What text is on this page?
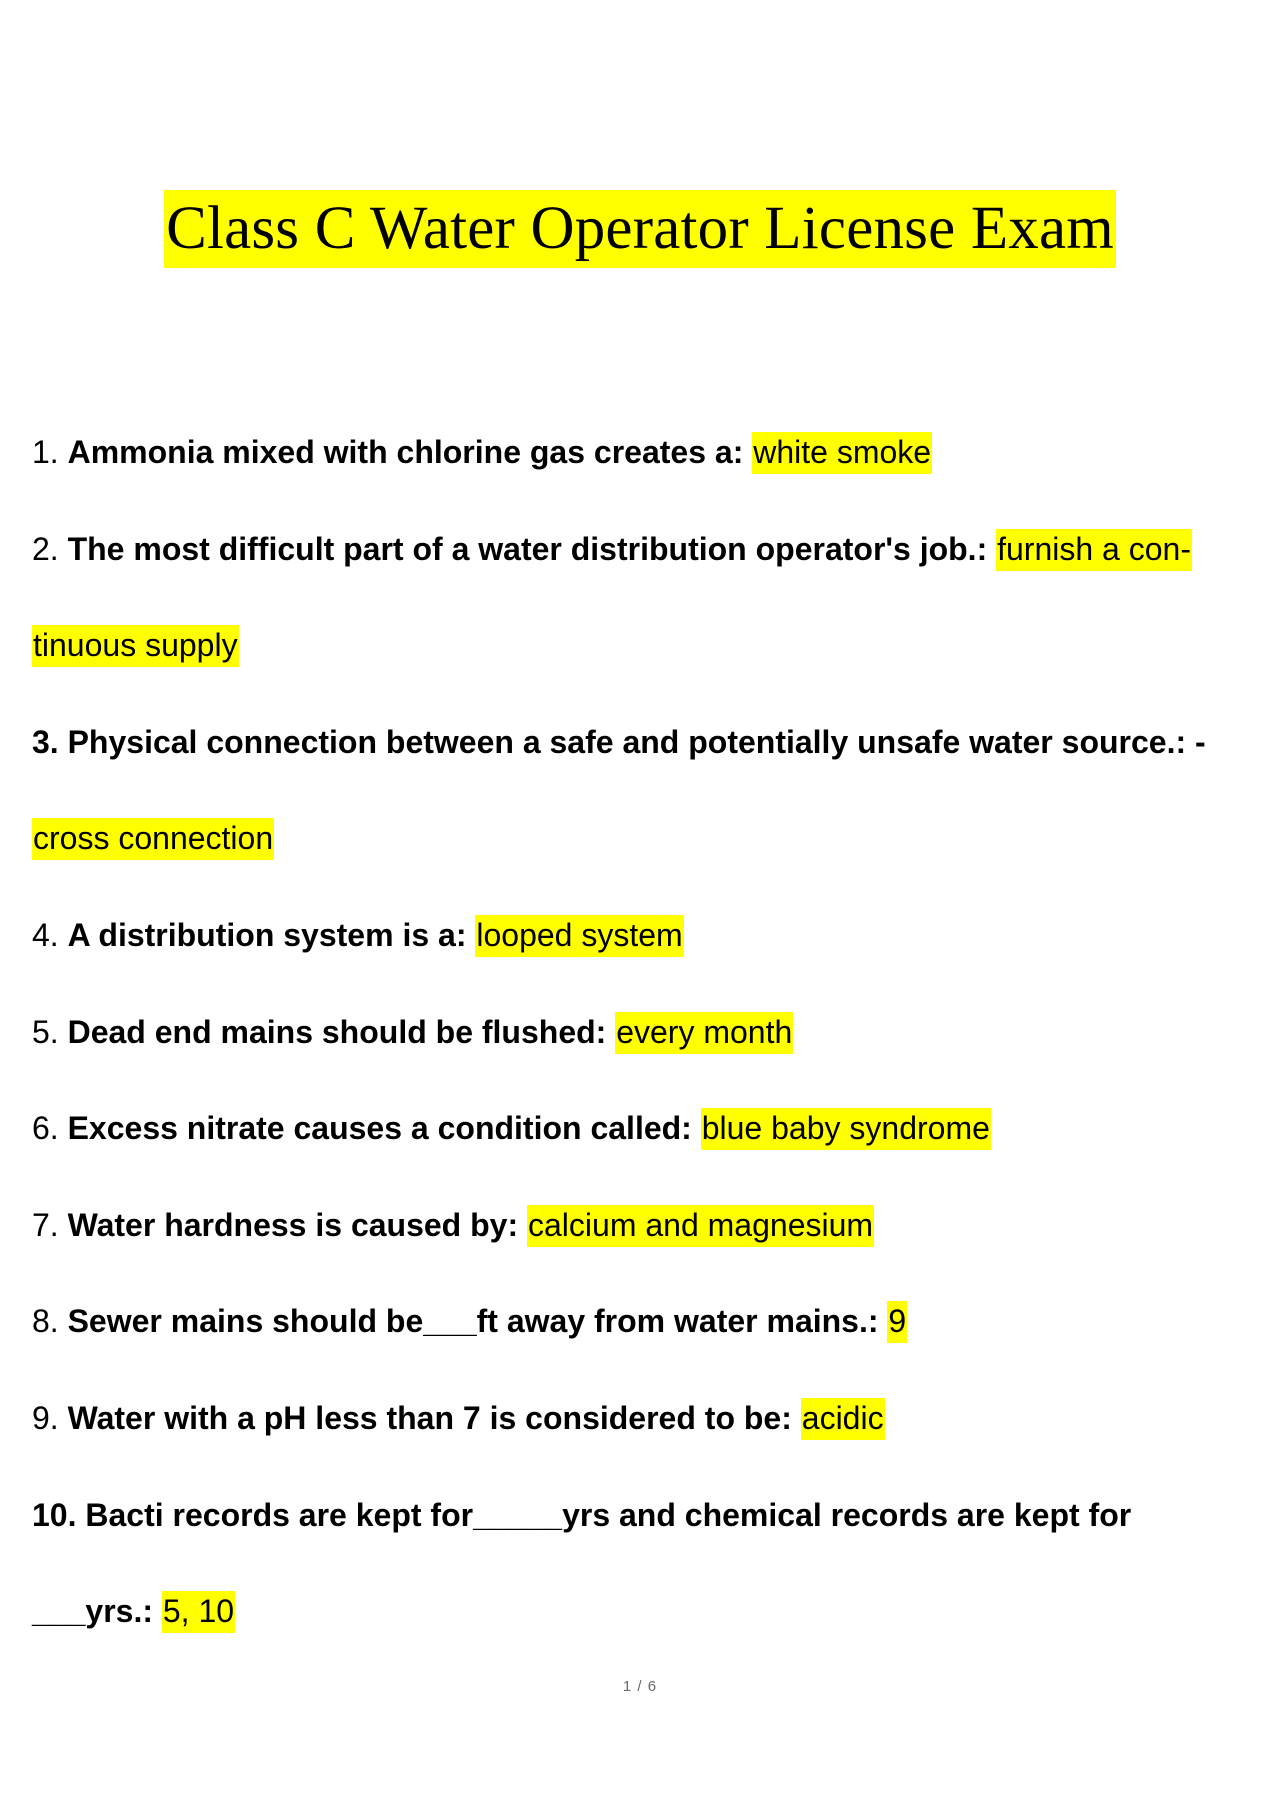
Class C Water Operator License Exam
1. Ammonia mixed with chlorine gas creates a: white smoke
2. The most difficult part of a water distribution operator's job.: furnish a con-
tinuous supply
3. Physical connection between a safe and potentially unsafe water source.: -
cross connection
4. A distribution system is a: looped system
5. Dead end mains should be flushed: every month
6. Excess nitrate causes a condition called: blue baby syndrome
7. Water hardness is caused by: calcium and magnesium
8. Sewer mains should be___ft away from water mains.: 9
9. Water with a pH less than 7 is considered to be: acidic
10. Bacti records are kept for_____yrs and chemical records are kept for
___yrs.: 5, 10
1 / 6
